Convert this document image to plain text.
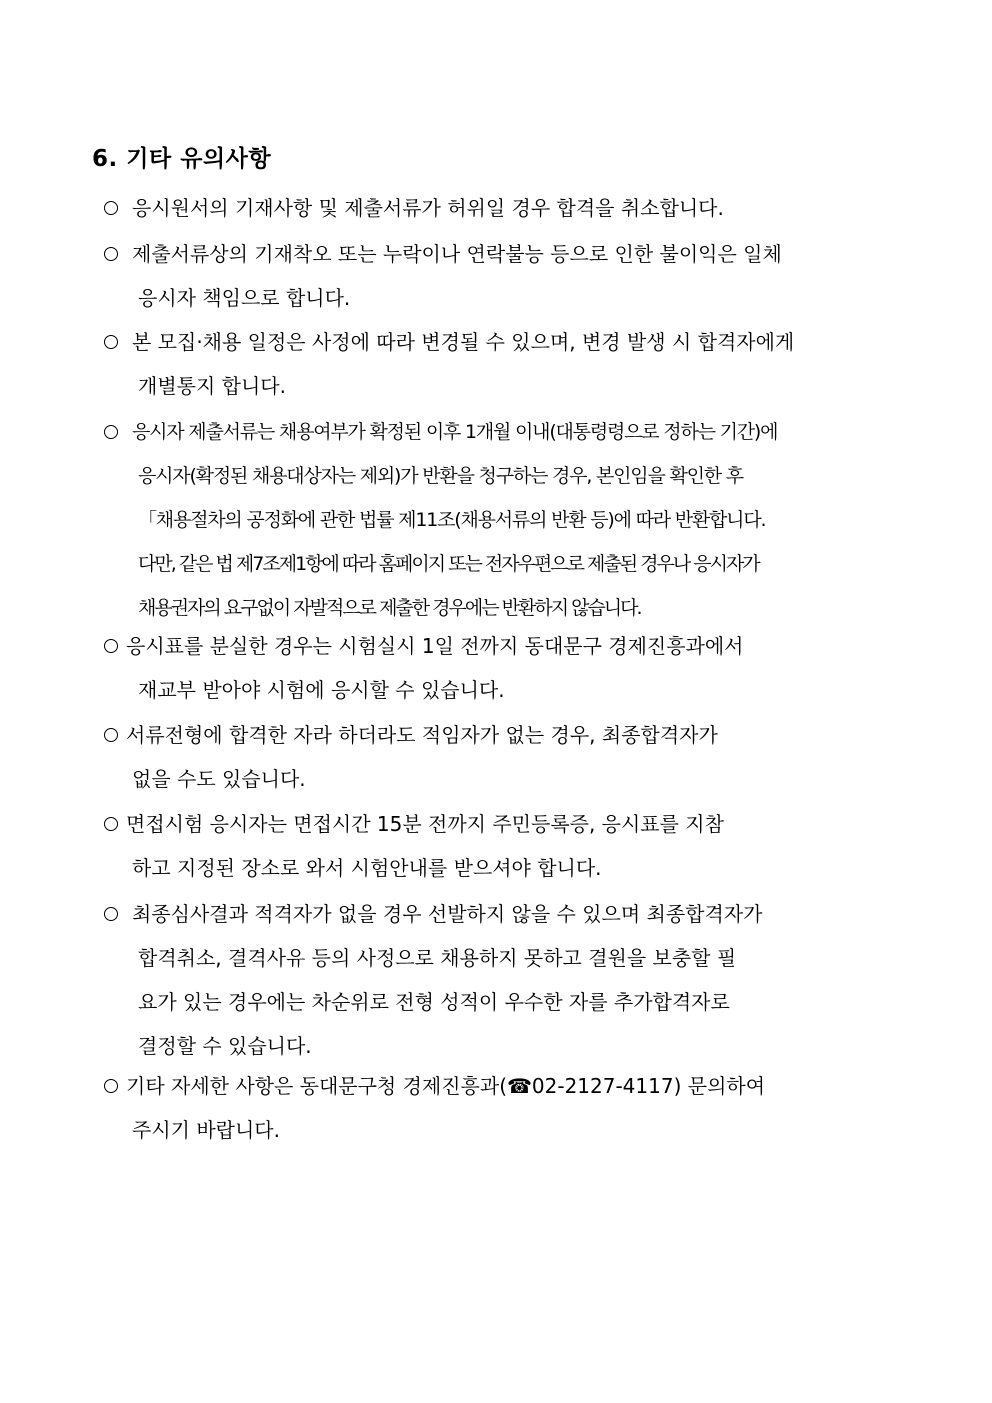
6. 기타 유의사항
응시원서의 기재사항 및 제출서류가 허위일 경우 합격을 취소합니다.
제출서류상의 기재착오 또는 누락이나 연락불능 등으로 인한 불이익은 일체
응시자 책임으로 합니다.
본 모집·채용 일정은 사정에 따라 변경될 수 있으며, 변경 발생 시 합격자에게
개별통지 합니다.
응시자 제출서류는 채용여부가 확정된 이후 1개월 이내(대통령령으로 정하는 기간)에
응시자(확정된 채용대상자는 제외)가 반환을 청구하는 경우, 본인임을 확인한 후
「채용절차의 공정화에 관한 법률 제11조(채용서류의 반환 등)에 따라 반환합니다.
다만, 같은 법 제7조제1항에 따라 홈페이지 또는 전자우편으로 제출된 경우나 응시자가
채용권자의 요구없이 자발적으로 제출한 경우에는 반환하지 않습니다.
응시표를 분실한 경우는 시험실시 1일 전까지 동대문구 경제진흥과에서
재교부 받아야 시험에 응시할 수 있습니다.
서류전형에 합격한 자라 하더라도 적임자가 없는 경우, 최종합격자가
없을 수도 있습니다.
면접시험 응시자는 면접시간 15분 전까지 주민등록증, 응시표를 지참
하고 지정된 장소로 와서 시험안내를 받으셔야 합니다.
최종심사결과 적격자가 없을 경우 선발하지 않을 수 있으며 최종합격자가
합격취소, 결격사유 등의 사정으로 채용하지 못하고 결원을 보충할 필
요가 있는 경우에는 차순위로 전형 성적이 우수한 자를 추가합격자로
결정할 수 있습니다.
기타 자세한 사항은 동대문구청 경제진흥과(☎02-2127-4117) 문의하여
주시기 바랍니다.
